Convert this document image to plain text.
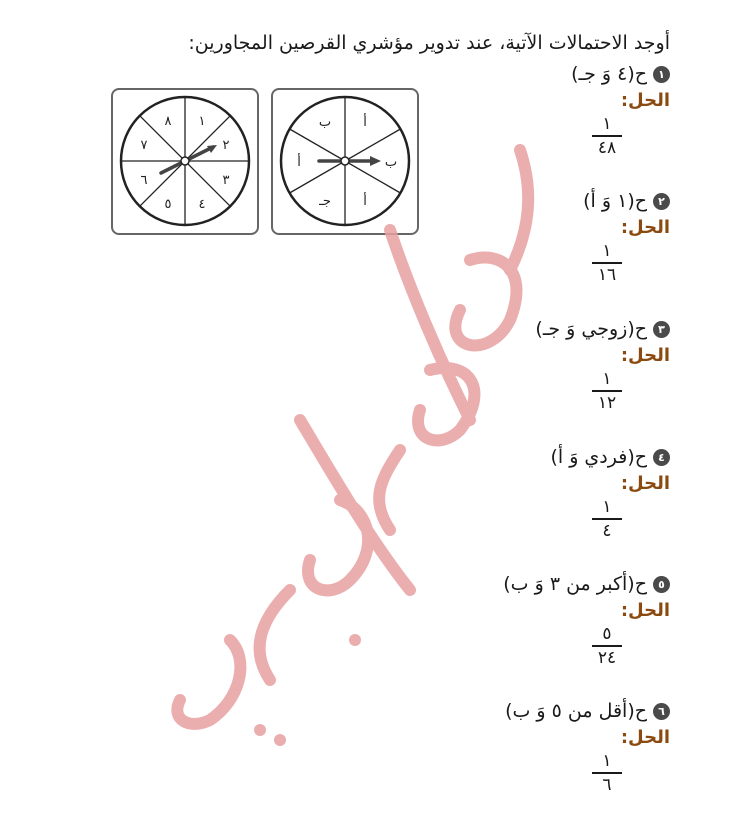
أوجد الاحتمالات الآتية، عند تدوير مؤشري القرصين المجاورين:
١
٢
٣
٤
٥
٦
٧
٨	أ
ب
أ
جـ
أ
ب
١
ح(٤ وَ جـ)
الحل:
١
٤٨
٢
ح(١ وَ أ)
الحل:
١
١٦
٣
ح(زوجي وَ جـ)
الحل:
١
١٢
٤
ح(فردي وَ أ)
الحل:
١
٤
٥
ح(أكبر من ٣ وَ ب)
الحل:
٥
٢٤
٦
ح(أقل من ٥ وَ ب)
الحل:
١
٦
